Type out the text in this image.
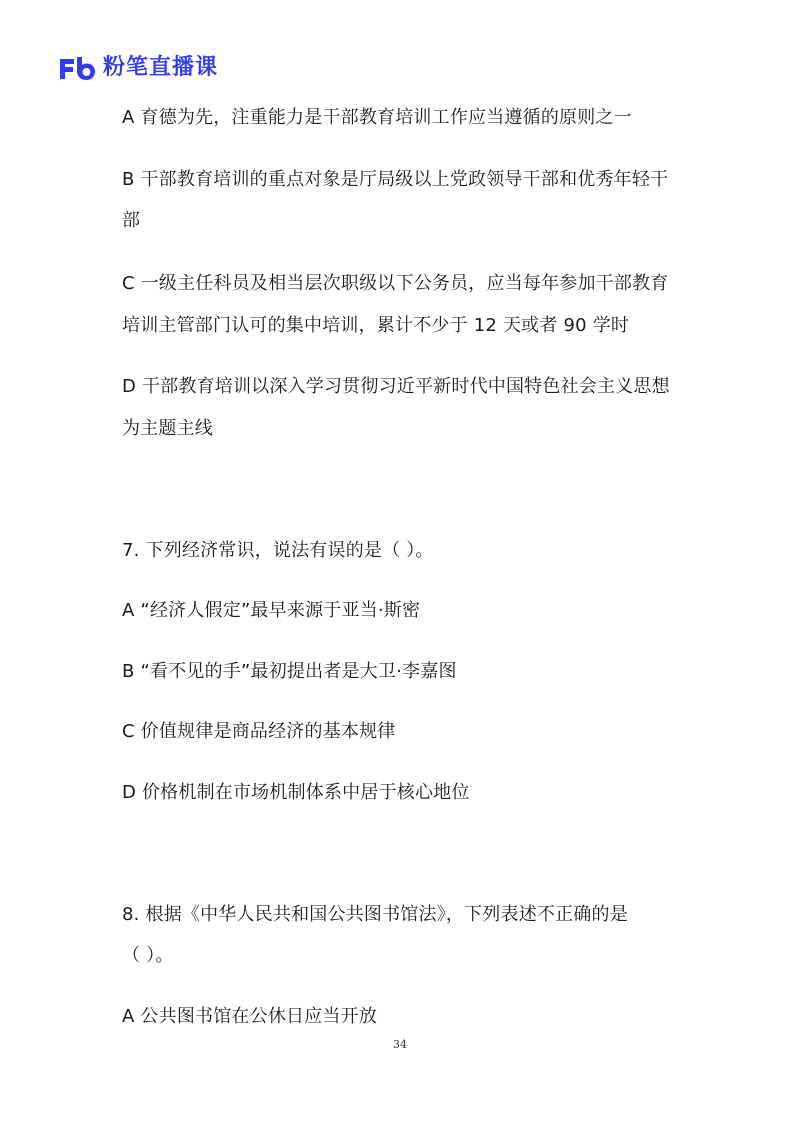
粉笔直播课
A 育德为先，注重能力是干部教育培训工作应当遵循的原则之一
B 干部教育培训的重点对象是厅局级以上党政领导干部和优秀年轻干
部
C 一级主任科员及相当层次职级以下公务员，应当每年参加干部教育
培训主管部门认可的集中培训，累计不少于 12 天或者 90 学时
D 干部教育培训以深入学习贯彻习近平新时代中国特色社会主义思想
为主题主线
7. 下列经济常识，说法有误的是（ ）。
A “经济人假定”最早来源于亚当·斯密
B “看不见的手”最初提出者是大卫·李嘉图
C 价值规律是商品经济的基本规律
D 价格机制在市场机制体系中居于核心地位
8. 根据《中华人民共和国公共图书馆法》，下列表述不正确的是
（ ）。
A 公共图书馆在公休日应当开放
34
